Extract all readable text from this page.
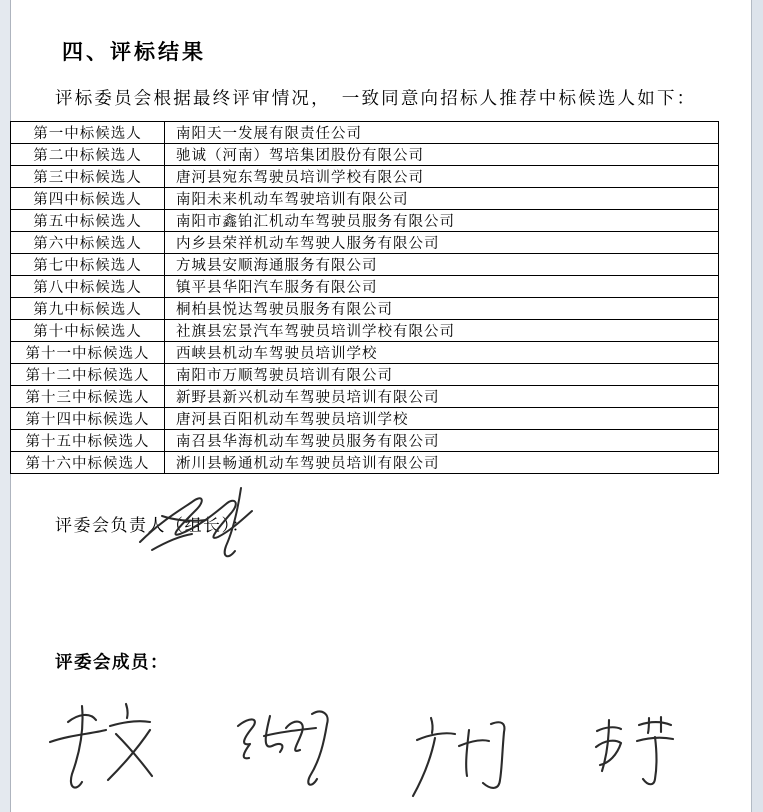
四、评标结果
评标委员会根据最终评审情况，　一致同意向招标人推荐中标候选人如下：
第一中标候选人	南阳天一发展有限责任公司
第二中标候选人	驰诚（河南）驾培集团股份有限公司
第三中标候选人	唐河县宛东驾驶员培训学校有限公司
第四中标候选人	南阳未来机动车驾驶培训有限公司
第五中标候选人	南阳市鑫铂汇机动车驾驶员服务有限公司
第六中标候选人	内乡县荣祥机动车驾驶人服务有限公司
第七中标候选人	方城县安顺海通服务有限公司
第八中标候选人	镇平县华阳汽车服务有限公司
第九中标候选人	桐柏县悦达驾驶员服务有限公司
第十中标候选人	社旗县宏景汽车驾驶员培训学校有限公司
第十一中标候选人	西峡县机动车驾驶员培训学校
第十二中标候选人	南阳市万顺驾驶员培训有限公司
第十三中标候选人	新野县新兴机动车驾驶员培训有限公司
第十四中标候选人	唐河县百阳机动车驾驶员培训学校
第十五中标候选人	南召县华海机动车驾驶员服务有限公司
第十六中标候选人	淅川县畅通机动车驾驶员培训有限公司
评委会负责人（组长）：
评委会成员：
